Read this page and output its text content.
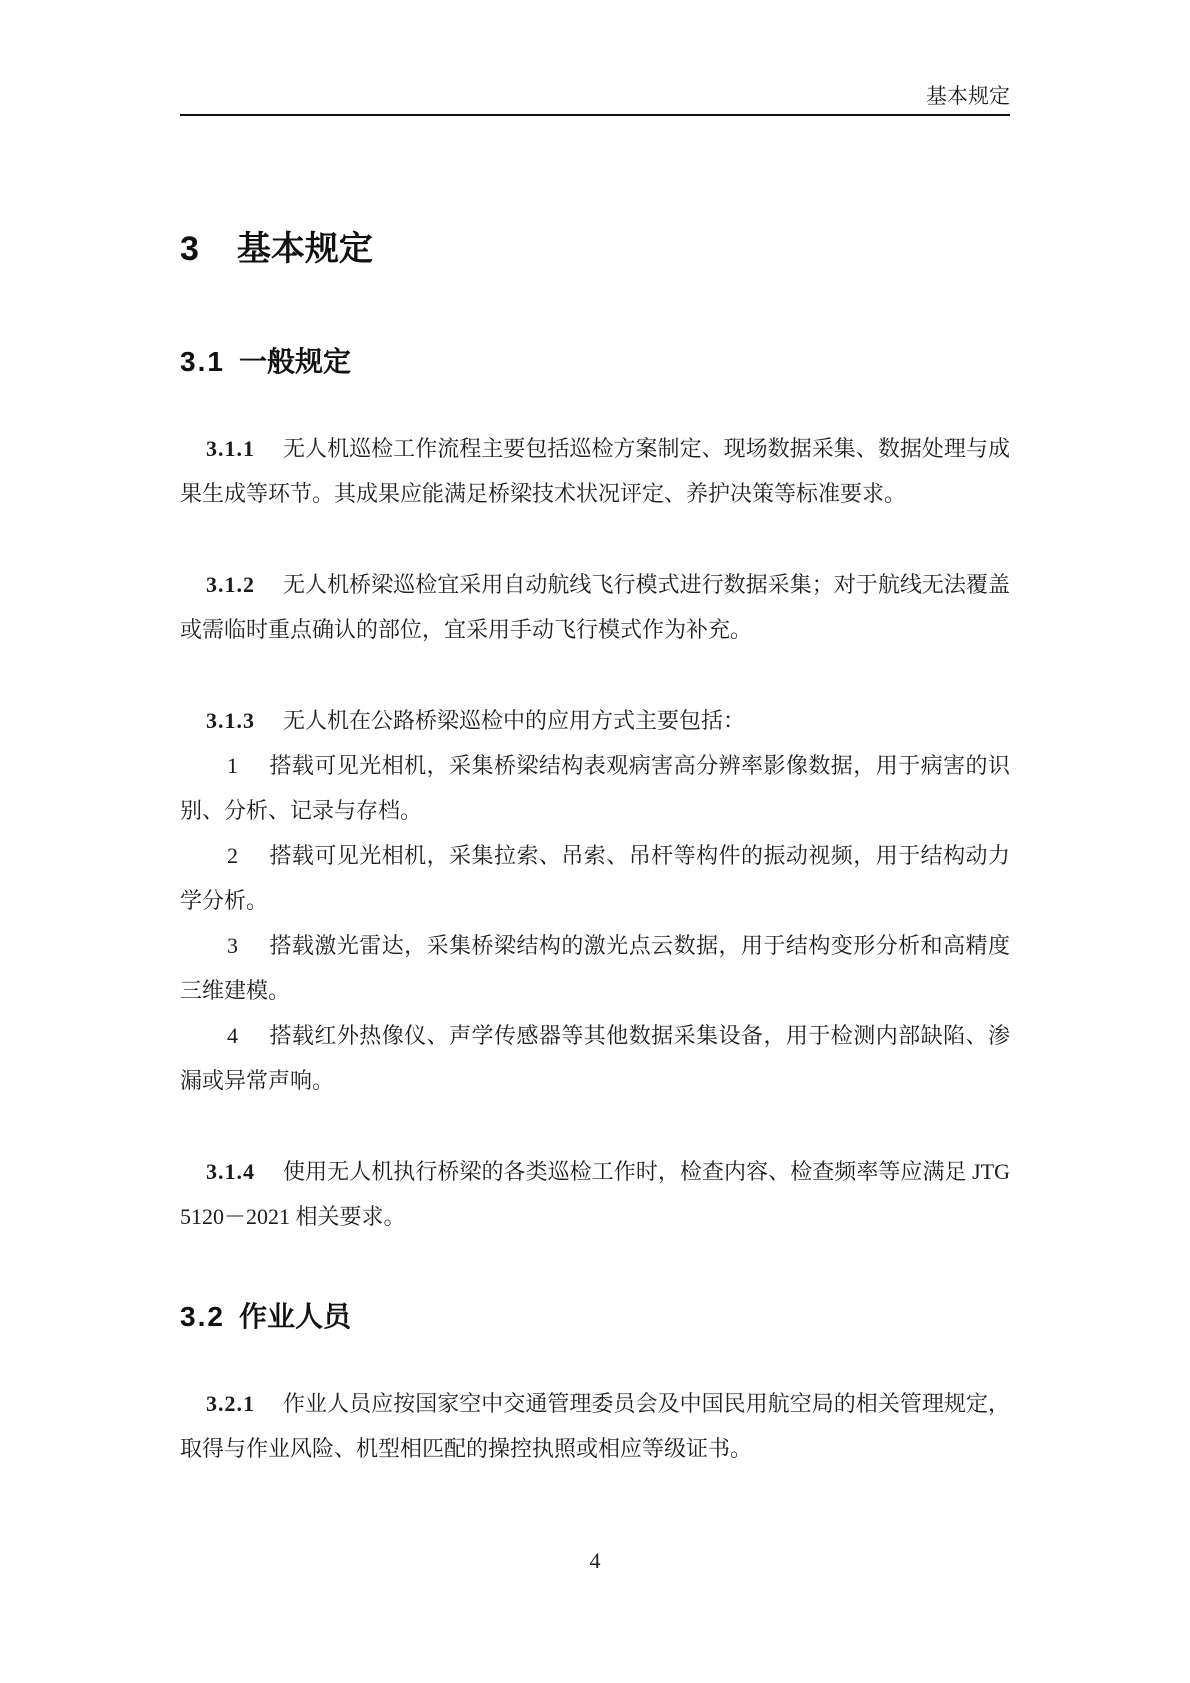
基本规定
3 基本规定
3.1 一般规定

3.1.1 无人机巡检工作流程主要包括巡检方案制定、现场数据采集、数据处理与成果生成等环节。其成果应能满足桥梁技术状况评定、养护决策等标准要求。

3.1.2 无人机桥梁巡检宜采用自动航线飞行模式进行数据采集；对于航线无法覆盖或需临时重点确认的部位，宜采用手动飞行模式作为补充。

3.1.3 无人机在公路桥梁巡检中的应用方式主要包括：

1 搭载可见光相机，采集桥梁结构表观病害高分辨率影像数据，用于病害的识别、分析、记录与存档。

2 搭载可见光相机，采集拉索、吊索、吊杆等构件的振动视频，用于结构动力学分析。

3 搭载激光雷达，采集桥梁结构的激光点云数据，用于结构变形分析和高精度三维建模。

4 搭载红外热像仪、声学传感器等其他数据采集设备，用于检测内部缺陷、渗漏或异常声响。

3.1.4 使用无人机执行桥梁的各类巡检工作时，检查内容、检查频率等应满足 JTG 5120－2021 相关要求。

3.2 作业人员

3.2.1 作业人员应按国家空中交通管理委员会及中国民用航空局的相关管理规定，取得与作业风险、机型相匹配的操控执照或相应等级证书。

4
